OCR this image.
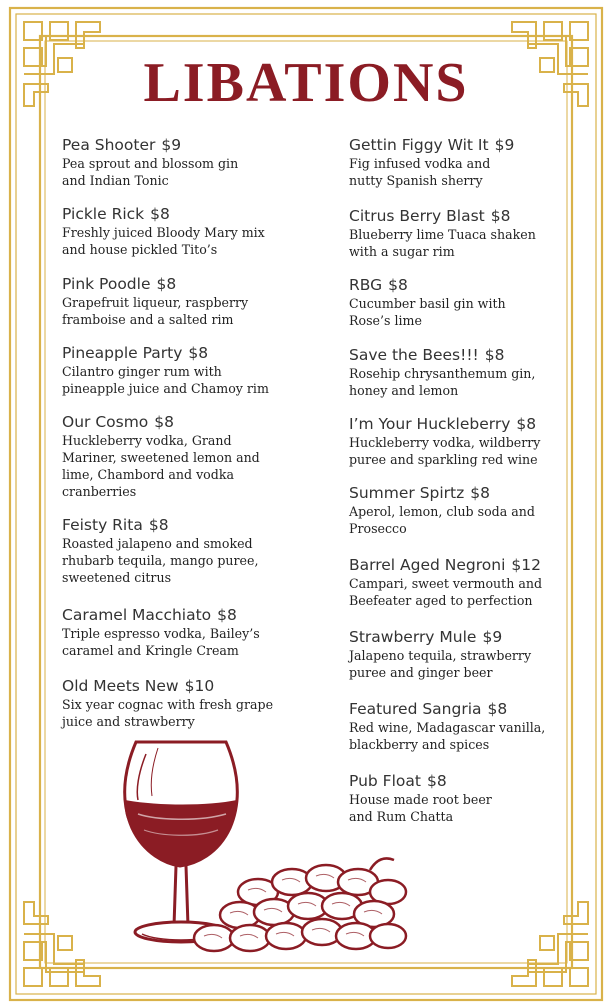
LIBATIONS
Pea Shooter $9
Pea sprout and blossom gin
and Indian Tonic
Pickle Rick $8
Freshly juiced Bloody Mary mix
and house pickled Tito’s
Pink Poodle $8
Grapefruit liqueur, raspberry
framboise and a salted rim
Pineapple Party $8
Cilantro ginger rum with
pineapple juice and Chamoy rim
Our Cosmo $8
Huckleberry vodka, Grand
Mariner, sweetened lemon and
lime, Chambord and vodka
cranberries
Feisty Rita $8
Roasted jalapeno and smoked
rhubarb tequila, mango puree,
sweetened citrus
Caramel Macchiato $8
Triple espresso vodka, Bailey’s
caramel and Kringle Cream
Old Meets New $10
Six year cognac with fresh grape
juice and strawberry
Gettin Figgy Wit It $9
Fig infused vodka and
nutty Spanish sherry
Citrus Berry Blast $8
Blueberry lime Tuaca shaken
with a sugar rim
RBG $8
Cucumber basil gin with
Rose’s lime
Save the Bees!!! $8
Rosehip chrysanthemum gin,
honey and lemon
I’m Your Huckleberry $8
Huckleberry vodka, wildberry
puree and sparkling red wine
Summer Spirtz $8
Aperol, lemon, club soda and
Prosecco
Barrel Aged Negroni $12
Campari, sweet vermouth and
Beefeater aged to perfection
Strawberry Mule $9
Jalapeno tequila, strawberry
puree and ginger beer
Featured Sangria $8
Red wine, Madagascar vanilla,
blackberry and spices
Pub Float $8
House made root beer
and Rum Chatta
